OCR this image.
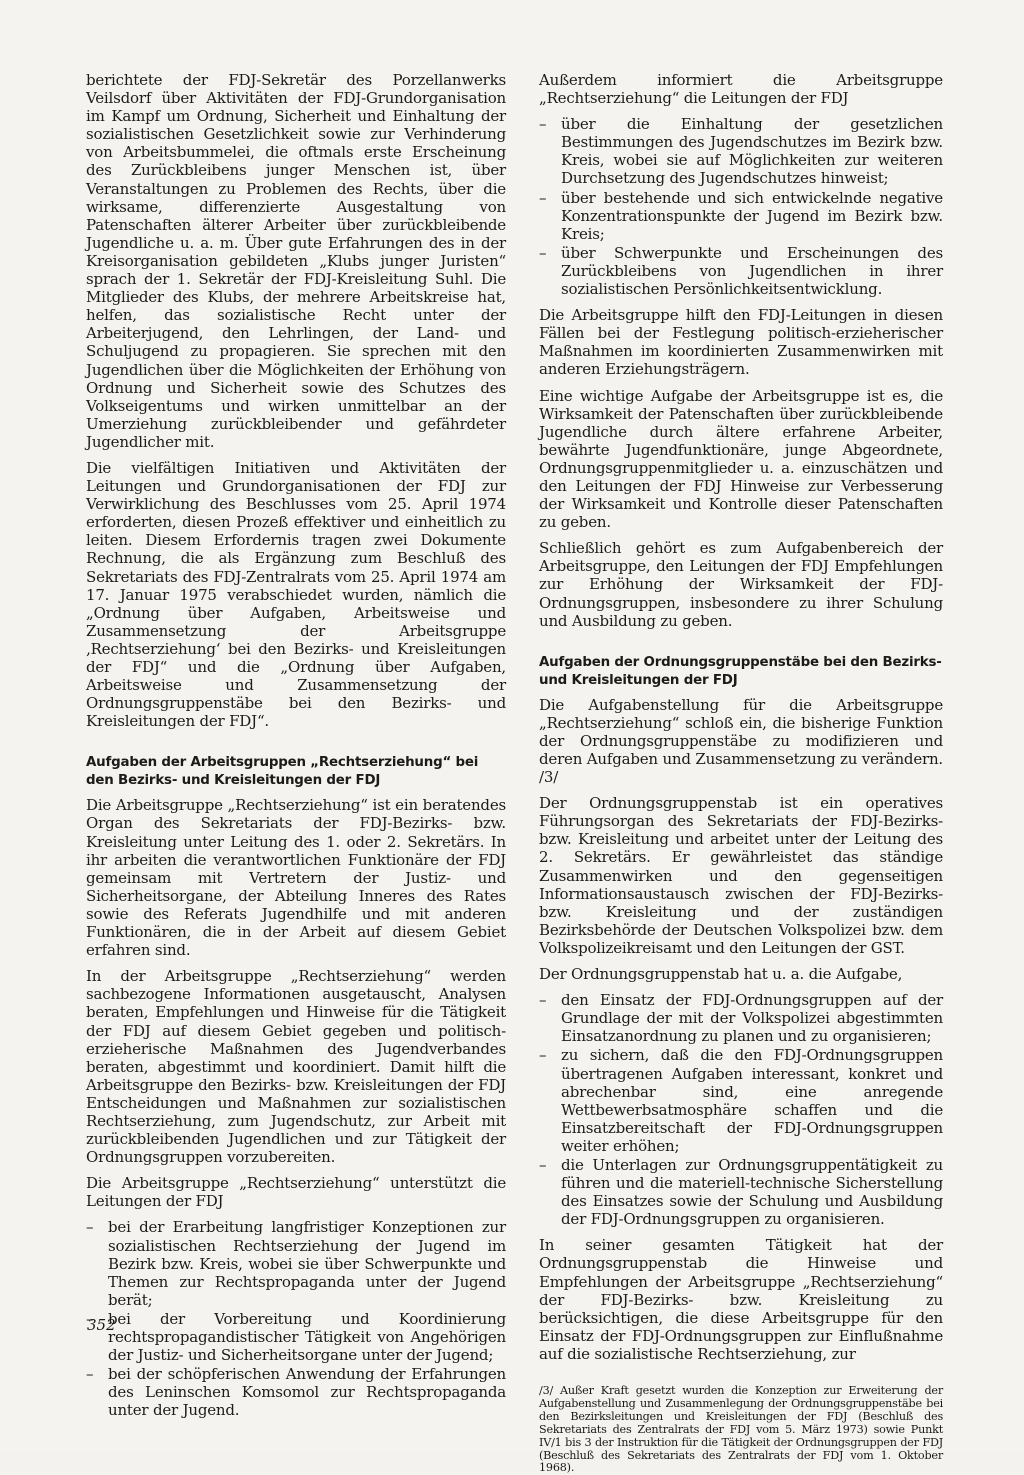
berichtete der FDJ-Sekretär des Porzellanwerks Veilsdorf über Aktivitäten der FDJ-Grundorganisation im Kampf um Ordnung, Sicherheit und Einhaltung der sozialistischen Gesetzlichkeit sowie zur Verhinderung von Arbeitsbummelei, die oftmals erste Erscheinung des Zurückbleibens junger Menschen ist, über Veranstaltungen zu Problemen des Rechts, über die wirksame, differenzierte Ausgestaltung von Patenschaften älterer Arbeiter über zurückbleibende Jugendliche u. a. m. Über gute Erfahrungen des in der Kreisorganisation gebildeten „Klubs junger Juristen“ sprach der 1. Sekretär der FDJ-Kreisleitung Suhl. Die Mitglieder des Klubs, der mehrere Arbeitskreise hat, helfen, das sozialistische Recht unter der Arbeiterjugend, den Lehrlingen, der Land- und Schuljugend zu propagieren. Sie sprechen mit den Jugendlichen über die Möglichkeiten der Erhöhung von Ordnung und Sicherheit sowie des Schutzes des Volkseigentums und wirken unmittelbar an der Umerziehung zurückbleibender und gefährdeter Jugendlicher mit.

Die vielfältigen Initiativen und Aktivitäten der Leitungen und Grundorganisationen der FDJ zur Verwirklichung des Beschlusses vom 25. April 1974 erforderten, diesen Prozeß effektiver und einheitlich zu leiten. Diesem Erfordernis tragen zwei Dokumente Rechnung, die als Ergänzung zum Beschluß des Sekretariats des FDJ-Zentralrats vom 25. April 1974 am 17. Januar 1975 verabschiedet wurden, nämlich die „Ordnung über Aufgaben, Arbeitsweise und Zusammensetzung der Arbeitsgruppe ‚Rechtserziehung‘ bei den Bezirks- und Kreisleitungen der FDJ“ und die „Ordnung über Aufgaben, Arbeitsweise und Zusammensetzung der Ordnungsgruppenstäbe bei den Bezirks- und Kreisleitungen der FDJ“.

Aufgaben der Arbeitsgruppen „Rechtserziehung“ bei den Bezirks- und Kreisleitungen der FDJ

Die Arbeitsgruppe „Rechtserziehung“ ist ein beratendes Organ des Sekretariats der FDJ-Bezirks- bzw. Kreisleitung unter Leitung des 1. oder 2. Sekretärs. In ihr arbeiten die verantwortlichen Funktionäre der FDJ gemeinsam mit Vertretern der Justiz- und Sicherheitsorgane, der Abteilung Inneres des Rates sowie des Referats Jugendhilfe und mit anderen Funktionären, die in der Arbeit auf diesem Gebiet erfahren sind.

In der Arbeitsgruppe „Rechtserziehung“ werden sachbezogene Informationen ausgetauscht, Analysen beraten, Empfehlungen und Hinweise für die Tätigkeit der FDJ auf diesem Gebiet gegeben und politisch-erzieherische Maßnahmen des Jugendverbandes beraten, abgestimmt und koordiniert. Damit hilft die Arbeitsgruppe den Bezirks- bzw. Kreisleitungen der FDJ Entscheidungen und Maßnahmen zur sozialistischen Rechtserziehung, zum Jugendschutz, zur Arbeit mit zurückbleibenden Jugendlichen und zur Tätigkeit der Ordnungsgruppen vorzubereiten.

Die Arbeitsgruppe „Rechtserziehung“ unterstützt die Leitungen der FDJ

– bei der Erarbeitung langfristiger Konzeptionen zur sozialistischen Rechtserziehung der Jugend im Bezirk bzw. Kreis, wobei sie über Schwerpunkte und Themen zur Rechtspropaganda unter der Jugend berät;
– bei der Vorbereitung und Koordinierung rechtspropagandistischer Tätigkeit von Angehörigen der Justiz- und Sicherheitsorgane unter der Jugend;
– bei der schöpferischen Anwendung der Erfahrungen des Leninschen Komsomol zur Rechtspropaganda unter der Jugend.

Außerdem informiert die Arbeitsgruppe „Rechtserziehung“ die Leitungen der FDJ

– über die Einhaltung der gesetzlichen Bestimmungen des Jugendschutzes im Bezirk bzw. Kreis, wobei sie auf Möglichkeiten zur weiteren Durchsetzung des Jugendschutzes hinweist;
– über bestehende und sich entwickelnde negative Konzentrationspunkte der Jugend im Bezirk bzw. Kreis;
– über Schwerpunkte und Erscheinungen des Zurückbleibens von Jugendlichen in ihrer sozialistischen Persönlichkeitsentwicklung.

Die Arbeitsgruppe hilft den FDJ-Leitungen in diesen Fällen bei der Festlegung politisch-erzieherischer Maßnahmen im koordinierten Zusammenwirken mit anderen Erziehungsträgern.

Eine wichtige Aufgabe der Arbeitsgruppe ist es, die Wirksamkeit der Patenschaften über zurückbleibende Jugendliche durch ältere erfahrene Arbeiter, bewährte Jugendfunktionäre, junge Abgeordnete, Ordnungsgruppenmitglieder u. a. einzuschätzen und den Leitungen der FDJ Hinweise zur Verbesserung der Wirksamkeit und Kontrolle dieser Patenschaften zu geben.

Schließlich gehört es zum Aufgabenbereich der Arbeitsgruppe, den Leitungen der FDJ Empfehlungen zur Erhöhung der Wirksamkeit der FDJ-Ordnungsgruppen, insbesondere zu ihrer Schulung und Ausbildung zu geben.

Aufgaben der Ordnungsgruppenstäbe bei den Bezirks- und Kreisleitungen der FDJ

Die Aufgabenstellung für die Arbeitsgruppe „Rechtserziehung“ schloß ein, die bisherige Funktion der Ordnungsgruppenstäbe zu modifizieren und deren Aufgaben und Zusammensetzung zu verändern. /3/

Der Ordnungsgruppenstab ist ein operatives Führungsorgan des Sekretariats der FDJ-Bezirks- bzw. Kreisleitung und arbeitet unter der Leitung des 2. Sekretärs. Er gewährleistet das ständige Zusammenwirken und den gegenseitigen Informationsaustausch zwischen der FDJ-Bezirks- bzw. Kreisleitung und der zuständigen Bezirksbehörde der Deutschen Volkspolizei bzw. dem Volkspolizeikreisamt und den Leitungen der GST.

Der Ordnungsgruppenstab hat u. a. die Aufgabe,

– den Einsatz der FDJ-Ordnungsgruppen auf der Grundlage der mit der Volkspolizei abgestimmten Einsatzanordnung zu planen und zu organisieren;
– zu sichern, daß die den FDJ-Ordnungsgruppen übertragenen Aufgaben interessant, konkret und abrechenbar sind, eine anregende Wettbewerbsatmosphäre schaffen und die Einsatzbereitschaft der FDJ-Ordnungsgruppen weiter erhöhen;
– die Unterlagen zur Ordnungsgruppentätigkeit zu führen und die materiell-technische Sicherstellung des Einsatzes sowie der Schulung und Ausbildung der FDJ-Ordnungsgruppen zu organisieren.

In seiner gesamten Tätigkeit hat der Ordnungsgruppenstab die Hinweise und Empfehlungen der Arbeitsgruppe „Rechtserziehung“ der FDJ-Bezirks- bzw. Kreisleitung zu berücksichtigen, die diese Arbeitsgruppe für den Einsatz der FDJ-Ordnungsgruppen zur Einflußnahme auf die sozialistische Rechtserziehung, zur

/3/ Außer Kraft gesetzt wurden die Konzeption zur Erweiterung der Aufgabenstellung und Zusammenlegung der Ordnungsgruppenstäbe bei den Bezirksleitungen und Kreisleitungen der FDJ (Beschluß des Sekretariats des Zentralrats der FDJ vom 5. März 1973) sowie Punkt IV/1 bis 3 der Instruktion für die Tätigkeit der Ordnungsgruppen der FDJ (Beschluß des Sekretariats des Zentralrats der FDJ vom 1. Oktober 1968).
352
